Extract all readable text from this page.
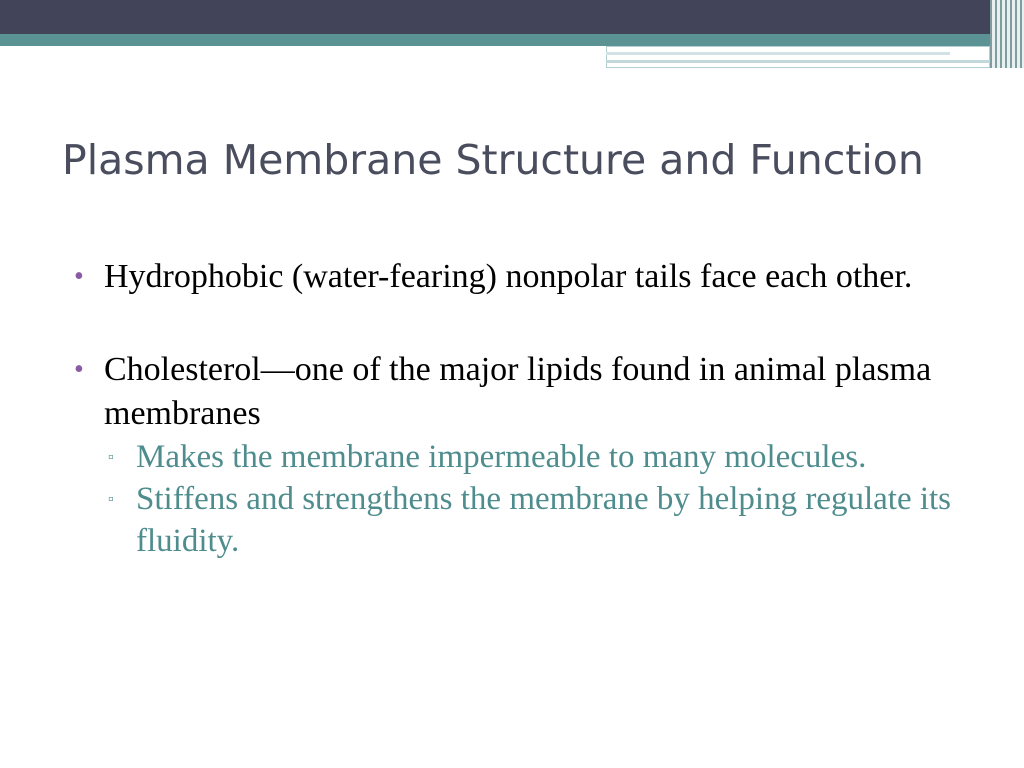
Plasma Membrane Structure and Function
• Hydrophobic (water-fearing) nonpolar tails face each other.
• Cholesterol—one of the major lipids found in animal plasma membranes
▫ Makes the membrane impermeable to many molecules.
▫ Stiffens and strengthens the membrane by helping regulate its fluidity.
